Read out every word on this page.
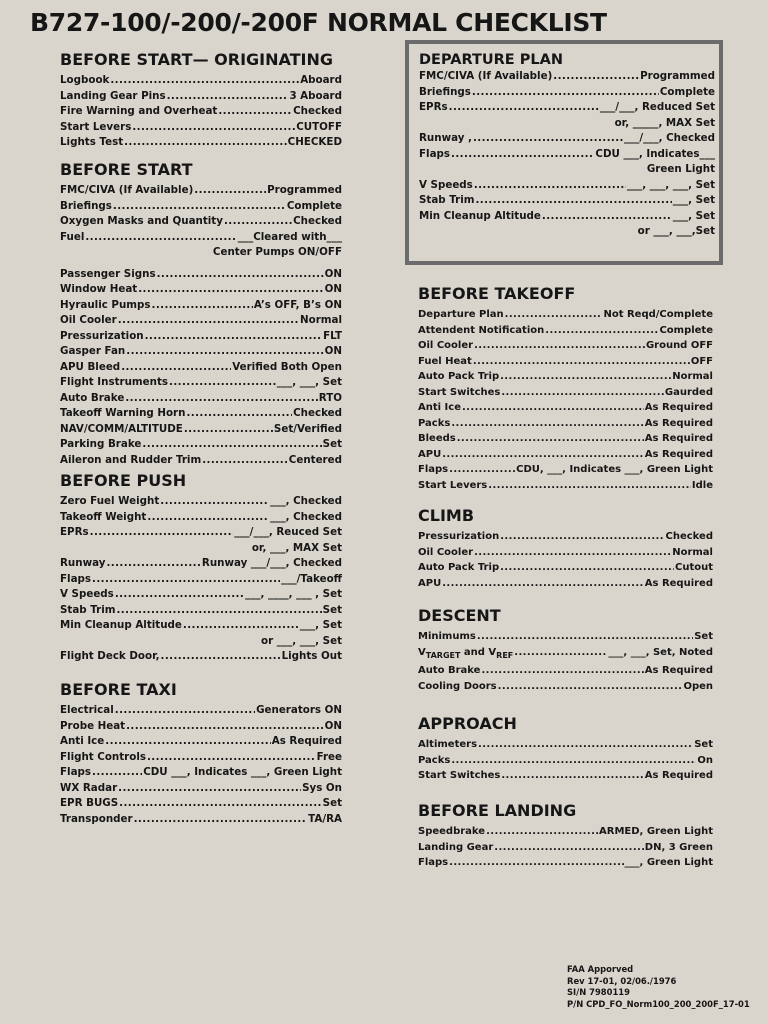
B727-100/-200/-200F NORMAL CHECKLIST
BEFORE START— ORIGINATING
Logbook .....	Aboard
Landing Gear Pins .....	3 Aboard
Fire Warning and Overheat .....	Checked
Start Levers .....	CUTOFF
Lights Test .....	CHECKED
BEFORE START
FMC/CIVA (If Available) .....	Programmed
Briefings .....	Complete
Oxygen Masks and Quantity .....	Checked
Fuel .....	___Cleared with___
Center Pumps ON/OFF
Passenger Signs .....	ON
Window Heat .....	ON
Hyraulic Pumps .....	A’s OFF, B’s ON
Oil Cooler .....	Normal
Pressurization .....	FLT
Gasper Fan .....	ON
APU Bleed .....	Verified Both Open
Flight Instruments .....	___, ___, Set
Auto Brake .....	RTO
Takeoff Warning Horn .....	Checked
NAV/COMM/ALTITUDE .....	Set/Verified
Parking Brake .....	Set
Aileron and Rudder Trim .....	Centered
BEFORE PUSH
Zero Fuel Weight .....	___, Checked
Takeoff Weight .....	___, Checked
EPRs .....	___/___, Reuced Set
or, ___, MAX Set
Runway .....	Runway ___/___, Checked
Flaps .....	___/Takeoff
V Speeds .....	___, ____, ___ , Set
Stab Trim .....	Set
Min Cleanup Altitude .....	___, Set
or ___, ___, Set
Flight Deck Door, .....	Lights Out
BEFORE TAXI
Electrical .....	Generators ON
Probe Heat .....	ON
Anti Ice .....	As Required
Flight Controls .....	Free
Flaps .....	CDU ___, Indicates ___, Green Light
WX Radar .....	Sys On
EPR BUGS .....	Set
Transponder .....	TA/RA
DEPARTURE PLAN
FMC/CIVA (If Available) .....	Programmed
Briefings .....	Complete
EPRs .....	___/___, Reduced Set
or, _____, MAX Set
Runway , .....	___/___, Checked
Flaps .....	CDU ___, Indicates___
Green Light
V Speeds .....	___, ___, ___, Set
Stab Trim .....	___, Set
Min Cleanup Altitude .....	___, Set
or ___, ___,Set
BEFORE TAKEOFF
Departure Plan .....	Not Reqd/Complete
Attendent Notification .....	Complete
Oil Cooler .....	Ground OFF
Fuel Heat .....	OFF
Auto Pack Trip .....	Normal
Start Switches .....	Gaurded
Anti Ice .....	As Required
Packs .....	As Required
Bleeds .....	As Required
APU .....	As Required
Flaps .....	CDU, ___, Indicates ___, Green Light
Start Levers .....	Idle
CLIMB
Pressurization .....	Checked
Oil Cooler .....	Normal
Auto Pack Trip .....	Cutout
APU .....	As Required
DESCENT
Minimums .....	Set
$V_{TARGET}$ and $V_{REF}$ .....	___, ___, Set, Noted
Auto Brake .....	As Required
Cooling Doors .....	Open
APPROACH
Altimeters .....	Set
Packs .....	On
Start Switches .....	As Required
BEFORE LANDING
Speedbrake .....	ARMED, Green Light
Landing Gear .....	DN, 3 Green
Flaps .....	___, Green Light
FAA Apporved
Rev 17-01, 02/06./1976
SI/N 7980119
P/N CPD_FO_Norm100_200_200F_17-01
